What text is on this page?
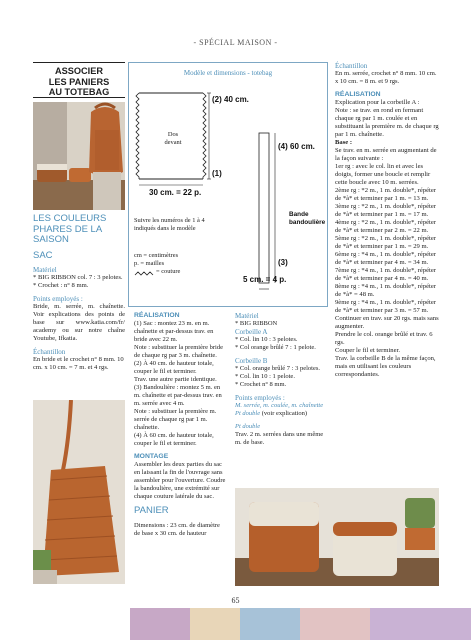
- SPÉCIAL MAISON -
ASSOCIER
LES PANIERS
AU TOTEBAG

LES COULEURS

PHARES DE LA SAISON

SAC

Matériel

* BIG RIBBON col. 7 : 3 pelotes.

* Crochet : n° 8 mm.

Points employés :

Bride, m. serrée, m. chaînette. Voir explications des points de base sur www.katia.com/fr/ academy ou sur notre chaîne Youtube, Ifkatia.

Échantillon

En bride et le crochet n° 8 mm. 10 cm. x 10 cm. = 7 m. et 4 rgs.

Modèle et dimensions - totebag
(2) 40 cm.
Dos
devant
(1)
30 cm. = 22 p.
(4) 60 cm.
Bande
bandoulière
(3)
5 cm. = 4 p.
Suivre les numéros de 1 à 4 indiqués dans le modèle
cm = centimètres
p. = mailles
= couture

RÉALISATION

(1) Sac : montez 23 m. en m. chaînette et par-dessus trav. en bride avec 22 m.

Note : substituer la première bride de chaque rg par 3 m. chaînette.

(2) À 40 cm. de hauteur totale, couper le fil et terminer.

Trav. une autre partie identique.

(3) Bandoulière : montez 5 m. en m. chaînette et par-dessus trav. en m. serrée avec 4 m.

Note : substituer la première m. serrée de chaque rg par 1 m. chaînette.

(4) À 60 cm. de hauteur totale, couper le fil et terminer.

MONTAGE

Assembler les deux parties du sac en laissant la fin de l'ouvrage sans assembler pour l'ouverture. Coudre la bandoulière, une extrémité sur chaque couture latérale du sac.

PANIER

Dimensions : 23 cm. de diamètre de base x 30 cm. de hauteur

Matériel

* BIG RIBBON

Corbeille A

* Col. lin 10 : 3 pelotes.

* Col orange brûlé 7 : 1 pelote.

Corbeille B

* Col. orange brûlé 7 : 3 pelotes.

* Col. lin 10 : 1 pelote.

* Crochet n° 8 mm.

Points employés :

M. serrée, m. coulée, m. chaînette

Pt double (voir explication)

Pt double

Trav. 2 m. serrées dans une même m. de base.

Échantillon

En m. serrée, crochet n° 8 mm. 10 cm. x 10 cm. = 8 m. et 9 rgs.

RÉALISATION

Explication pour la corbeille A :

Note : se trav. en rond en fermant chaque rg par 1 m. coulée et en substituant la première m. de chaque rg par 1 m. chaînette.

Base :

Se trav. en m. serrée en augmentant de la façon suivante :

1er rg : avec le col. lin et avec les doigts, former une boucle et remplir cette boucle avec 10 m. serrées.

2ème rg : *2 m., 1 m. double*, répéter de *à* et terminer par 1 m. = 13 m.

3ème rg : *2 m., 1 m. double*, répéter de *à* et terminer par 1 m. = 17 m.

4ème rg : *2 m., 1 m. double*, répéter de *à* et terminer par 2 m. = 22 m.

5ème rg : *2 m., 1 m. double*, répéter de *à* et terminer par 1 m. = 29 m.

6ème rg : *4 m., 1 m. double*, répéter de *à* et terminer par 4 m. = 34 m.

7ème rg : *4 m., 1 m. double*, répéter de *à* et terminer par 4 m. = 40 m.

8ème rg : *4 m., 1 m. double*, répéter de *à* = 48 m.

9ème rg : *4 m., 1 m. double*, répéter de *à* et terminer par 3 m. = 57 m.

Continuer en trav. sur 20 rgs. mais sans augmenter.

Prendre le col. orange brûlé et trav. 6 rgs.

Couper le fil et terminer.

Trav. la corbeille B de la même façon, mais en utilisant les couleurs correspondantes.

65
